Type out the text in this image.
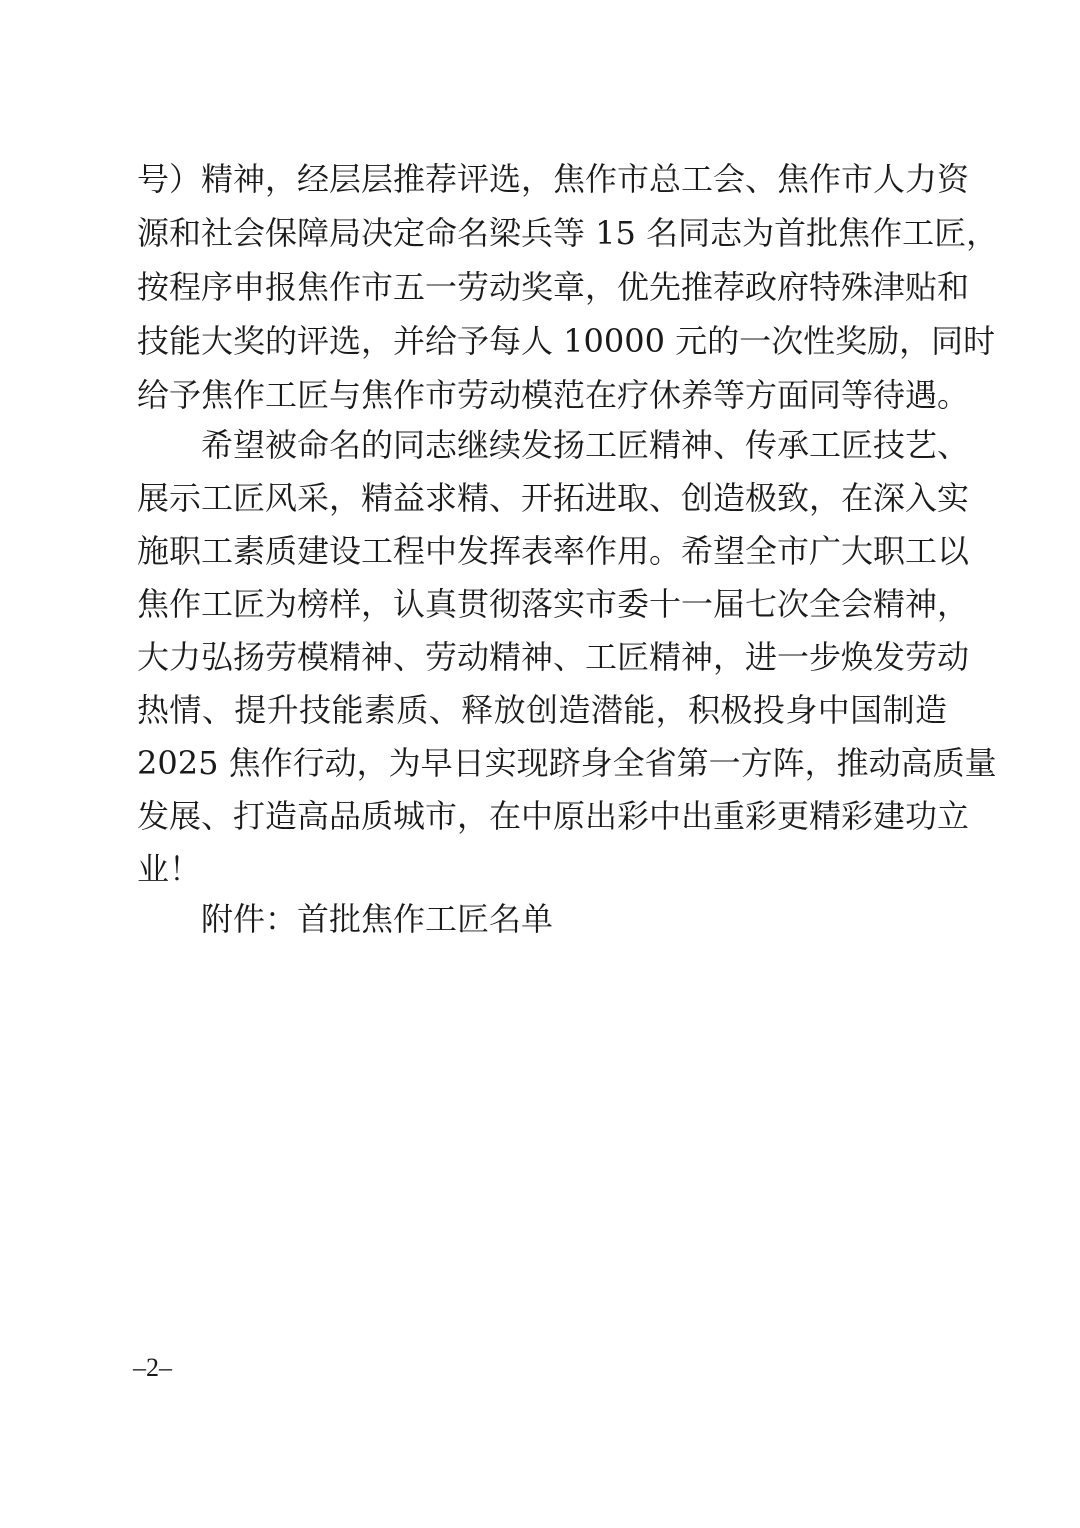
号）精神，经层层推荐评选，焦作市总工会、焦作市人力资
源和社会保障局决定命名梁兵等 15 名同志为首批焦作工匠，
按程序申报焦作市五一劳动奖章，优先推荐政府特殊津贴和
技能大奖的评选，并给予每人 10000 元的一次性奖励，同时
给予焦作工匠与焦作市劳动模范在疗休养等方面同等待遇。
希望被命名的同志继续发扬工匠精神、传承工匠技艺、
展示工匠风采，精益求精、开拓进取、创造极致，在深入实
施职工素质建设工程中发挥表率作用。希望全市广大职工以
焦作工匠为榜样，认真贯彻落实市委十一届七次全会精神，
大力弘扬劳模精神、劳动精神、工匠精神，进一步焕发劳动
热情、提升技能素质、释放创造潜能，积极投身中国制造
2025 焦作行动，为早日实现跻身全省第一方阵，推动高质量
发展、打造高品质城市，在中原出彩中出重彩更精彩建功立
业！
附件：首批焦作工匠名单
–2–
